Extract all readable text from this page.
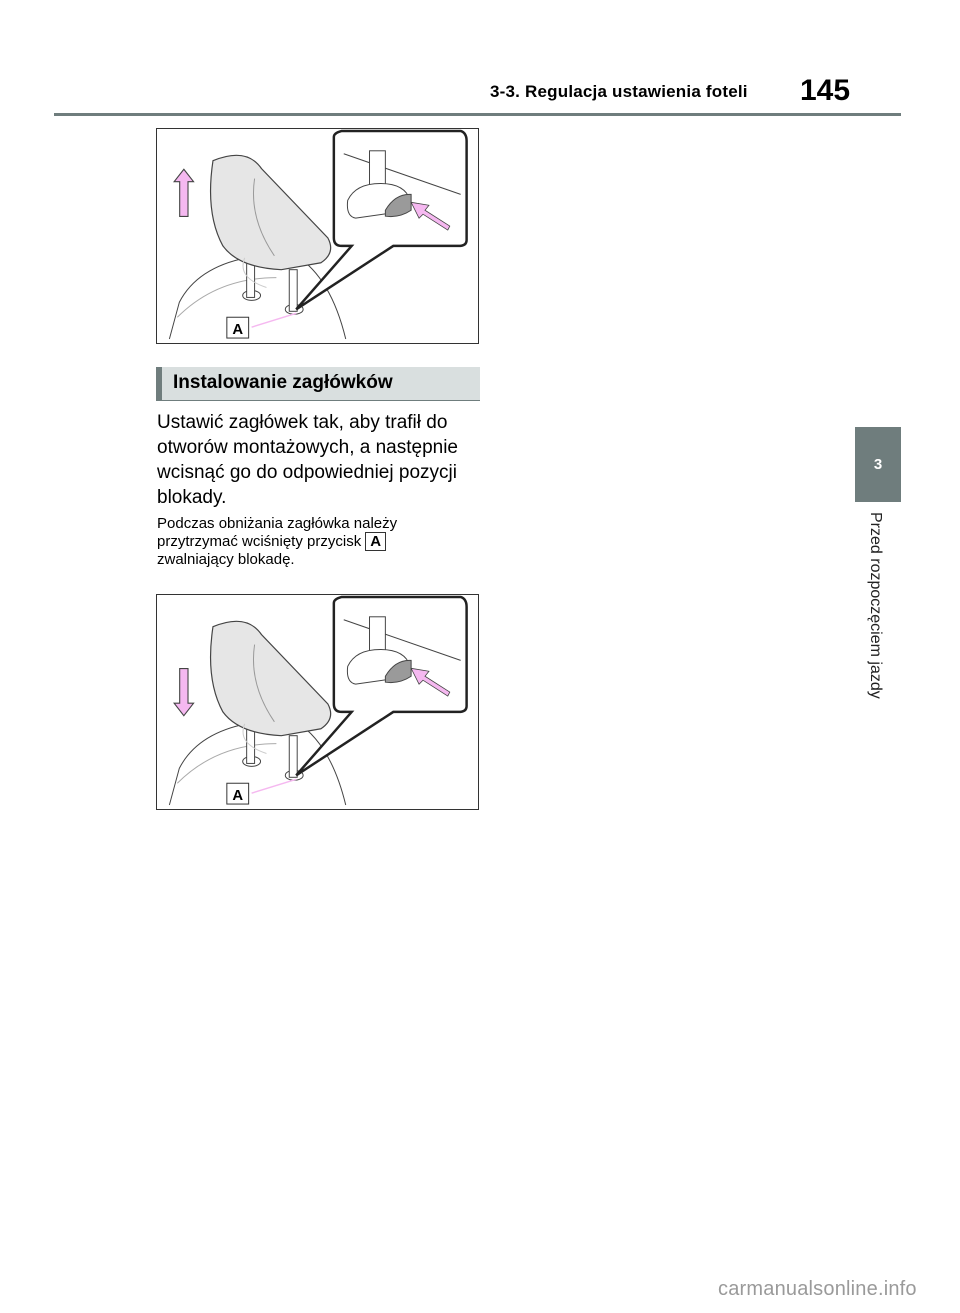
3-3. Regulacja ustawienia foteli 145
A
Instalowanie zagłówków

Ustawić zagłówek tak, aby trafił do otworów montażowych, a następnie wcisnąć go do odpowiedniej pozycji blokady.

Podczas obniżania zagłówka należy przytrzymać wciśnięty przycisk A
zwalniający blokadę.

A
3
Przed rozpoczęciem jazdy
carmanualsonline.info
